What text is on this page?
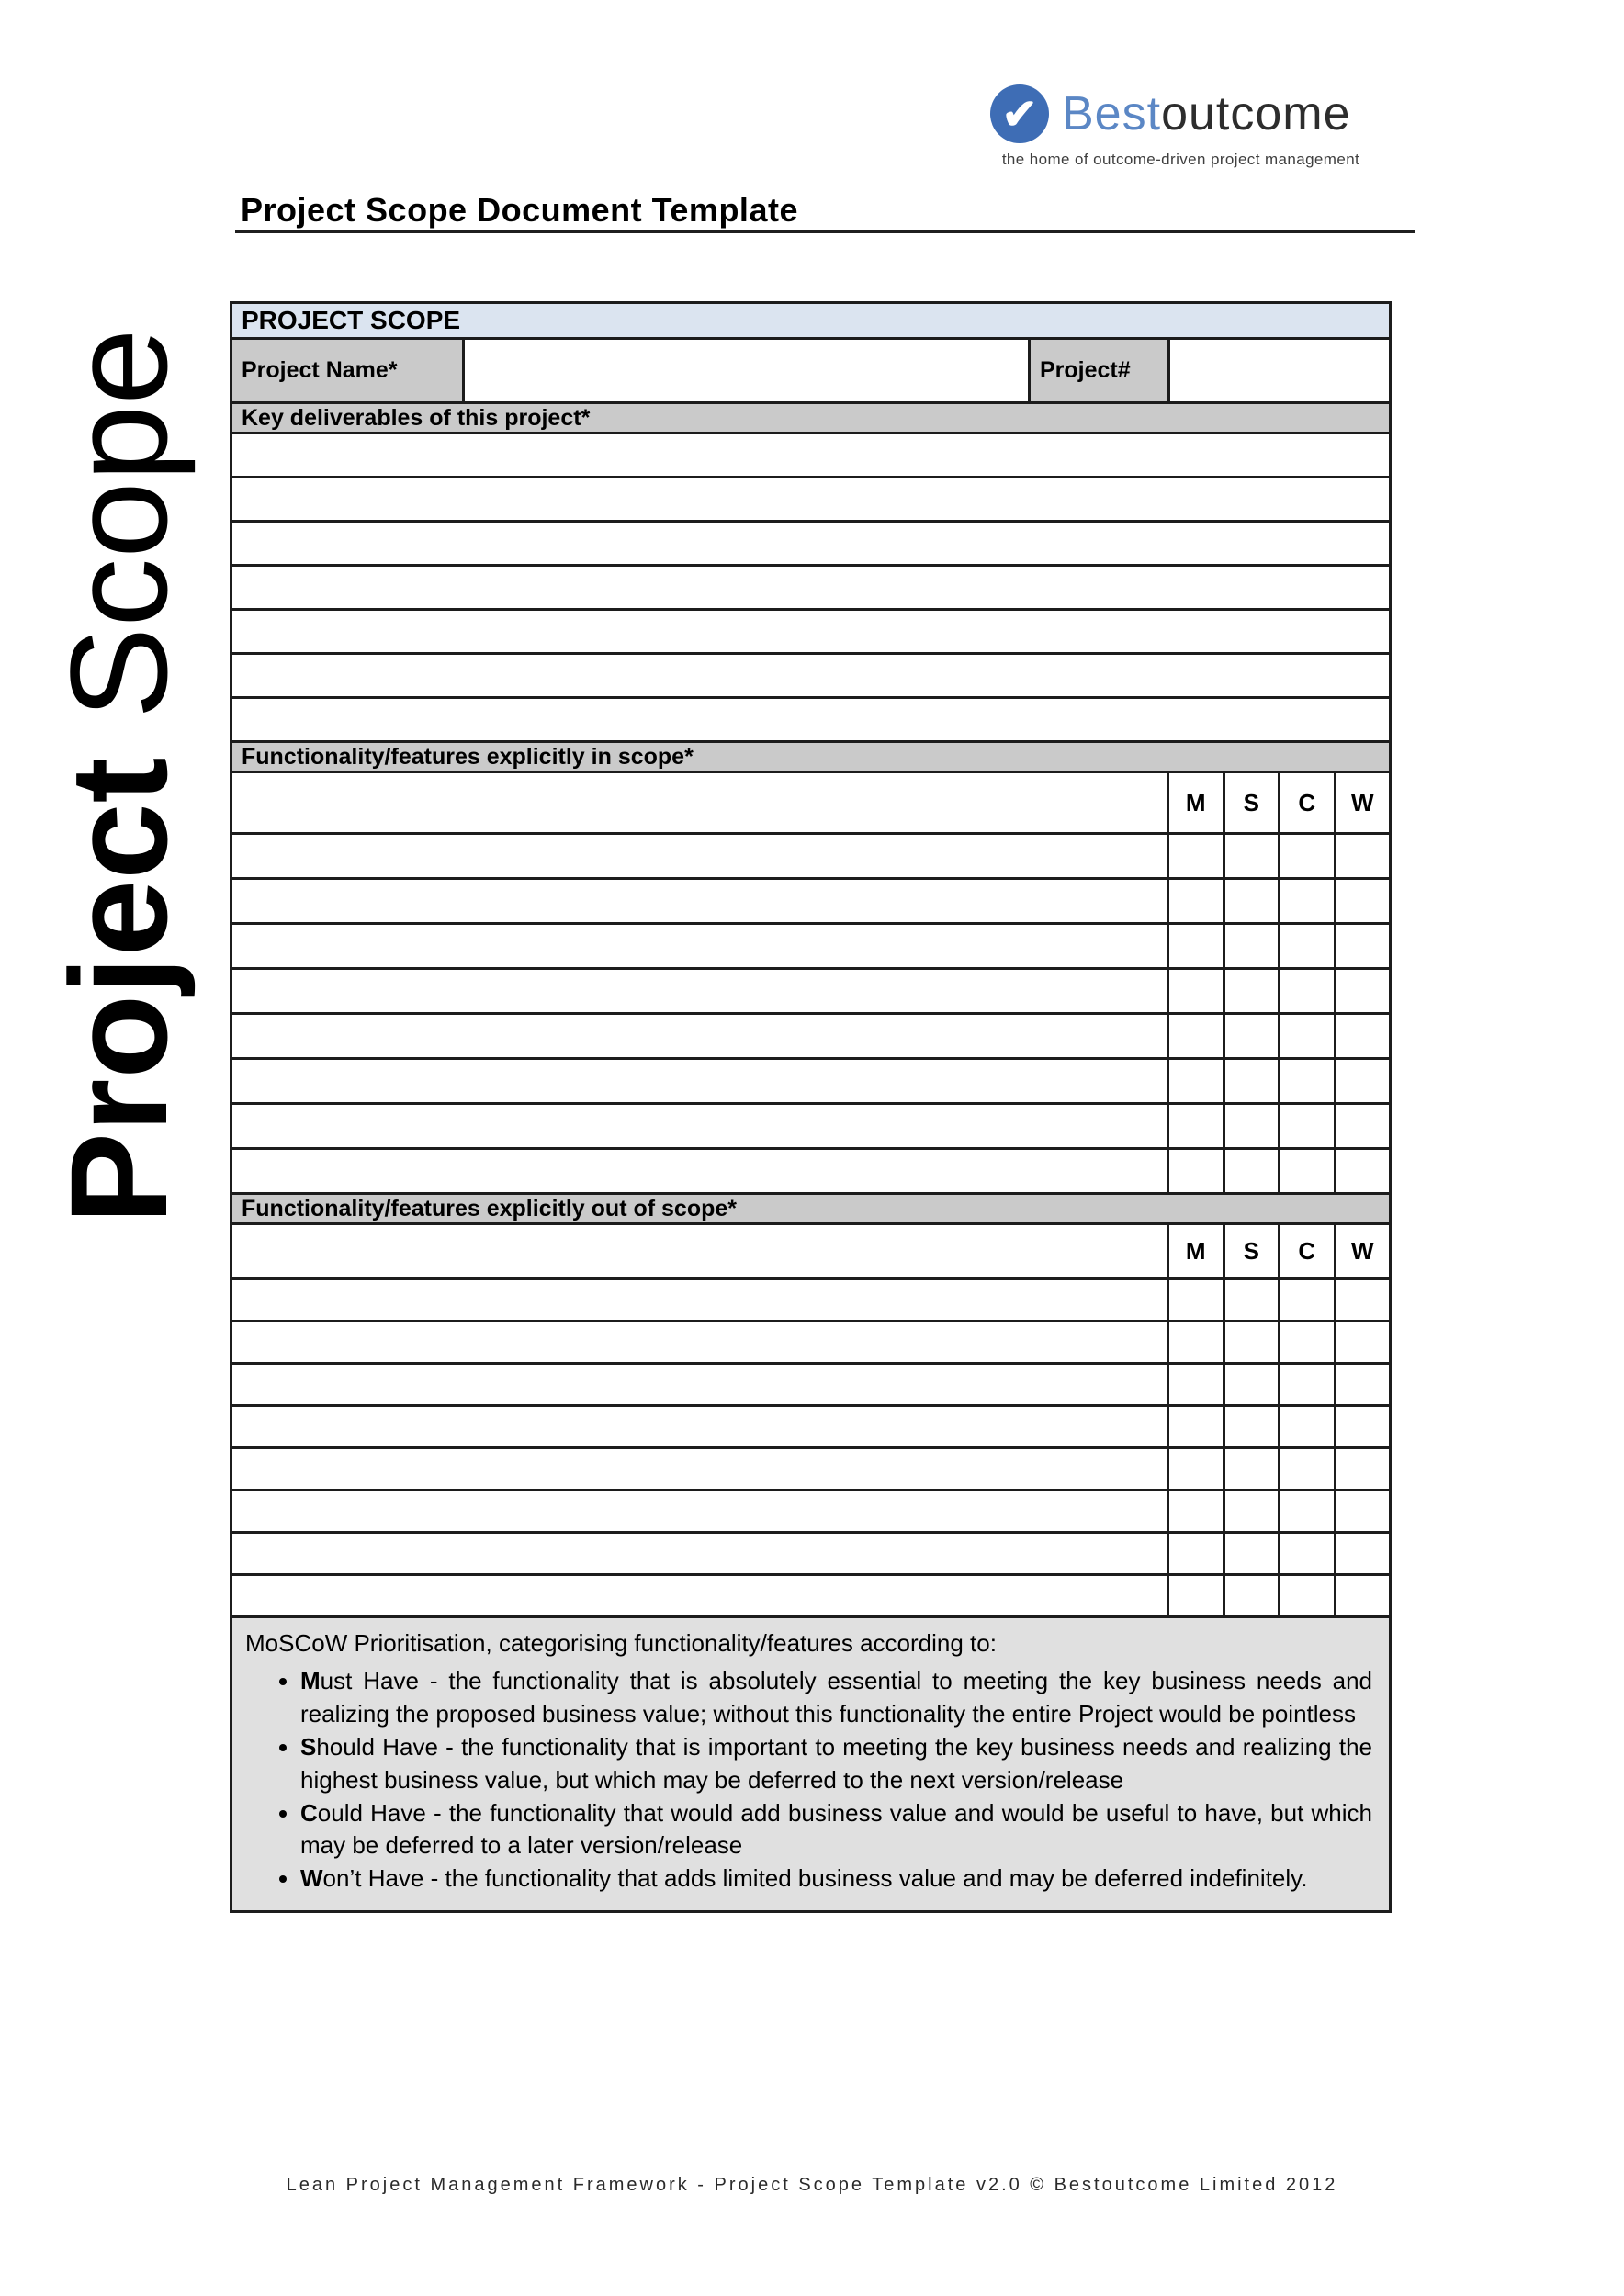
✔ Bestoutcome
the home of outcome-driven project management
Project Scope Document Template
Project Scope
PROJECT SCOPE
Project Name*	Project#
Key deliverables of this project*
Functionality/features explicitly in scope*
M	S	C	W
Functionality/features explicitly out of scope*
M	S	C	W
MoSCoW Prioritisation, categorising functionality/features according to:
• Must Have - the functionality that is absolutely essential to meeting the key business needs and realizing the proposed business value; without this functionality the entire Project would be pointless
• Should Have - the functionality that is important to meeting the key business needs and realizing the highest business value, but which may be deferred to the next version/release
• Could Have - the functionality that would add business value and would be useful to have, but which may be deferred to a later version/release
• Won’t Have - the functionality that adds limited business value and may be deferred indefinitely.
Lean Project Management Framework - Project Scope Template v2.0 © Bestoutcome Limited 2012
